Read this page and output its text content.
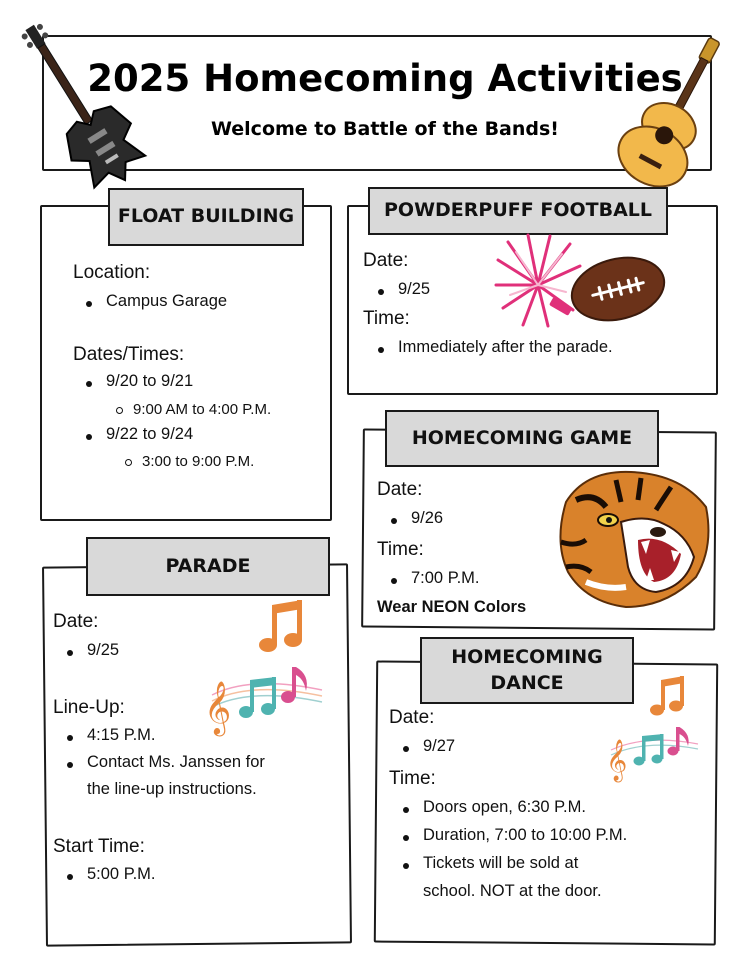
2025 Homecoming Activities
Welcome to Battle of the Bands!
FLOAT BUILDING
Location:
Campus Garage
Dates/Times:
9/20 to 9/21
9:00 AM to 4:00 P.M.
9/22 to 9/24
3:00 to 9:00 P.M.
POWDERPUFF FOOTBALL
Date:
9/25
Time:
Immediately after the parade.
HOMECOMING GAME
Date:
9/26
Time:
7:00 P.M.
Wear NEON Colors
PARADE
Date:
9/25
Line-Up:
4:15 P.M.
Contact Ms. Janssen for
the line-up instructions.
Start Time:
5:00 P.M.
𝄞
HOMECOMING
DANCE
Date:
9/27
Time:
Doors open, 6:30 P.M.
Duration, 7:00 to 10:00 P.M.
Tickets will be sold at
school. NOT at the door.
𝄞
